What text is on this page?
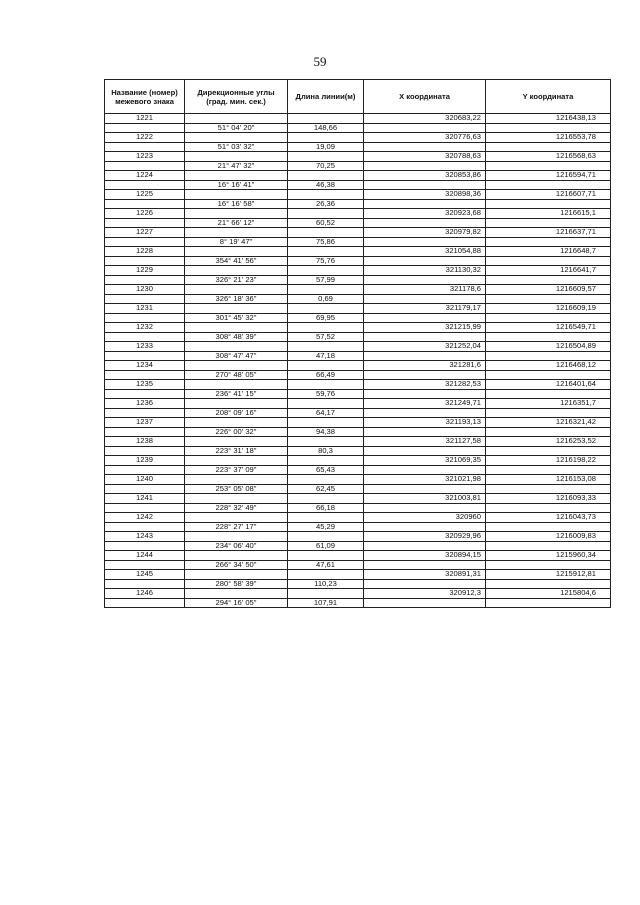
59
Название (номер) межевого знака	Дирекционные углы (град. мин. сек.)	Длина линии(м)	X координата	Y координата
1221			320683,22	1216438,13
	51° 04' 20"	148,66		
1222			320776,63	1216553,78
	51° 03' 32"	19,09		
1223			320788,63	1216568,63
	21° 47' 32"	70,25		
1224			320853,86	1216594,71
	16° 16' 41"	46,38		
1225			320898,36	1216607,71
	16° 16' 58"	26,36		
1226			320923,68	1216615,1
	21° 66' 12"	60,52		
1227			320979,82	1216637,71
	8° 19' 47"	75,86		
1228			321054,88	1216648,7
	354° 41' 56"	75,76		
1229			321130,32	1216641,7
	326° 21' 23"	57,99		
1230			321178,6	1216609,57
	326° 18' 36"	0,69		
1231			321179,17	1216609,19
	301° 45' 32"	69,95		
1232			321215,99	1216549,71
	308° 48' 39"	57,52		
1233			321252,04	1216504,89
	308° 47' 47"	47,18		
1234			321281,6	1216468,12
	270° 48' 05"	66,49		
1235			321282,53	1216401,64
	236° 41' 15"	59,76		
1236			321249,71	1216351,7
	208° 09' 16"	64,17		
1237			321193,13	1216321,42
	226° 00' 32"	94,38		
1238			321127,58	1216253,52
	223° 31' 18"	80,3		
1239			321069,35	1216198,22
	223° 37' 09"	65,43		
1240			321021,98	1216153,08
	253° 05' 08"	62,45		
1241			321003,81	1216093,33
	228° 32' 49"	66,18		
1242			320960	1216043,73
	228° 27' 17"	45,29		
1243			320929,96	1216009,83
	234° 06' 40"	61,09		
1244			320894,15	1215960,34
	266° 34' 50"	47,61		
1245			320891,31	1215912,81
	280° 58' 39"	110,23		
1246			320912,3	1215804,6
	294° 16' 05"	107,91		
